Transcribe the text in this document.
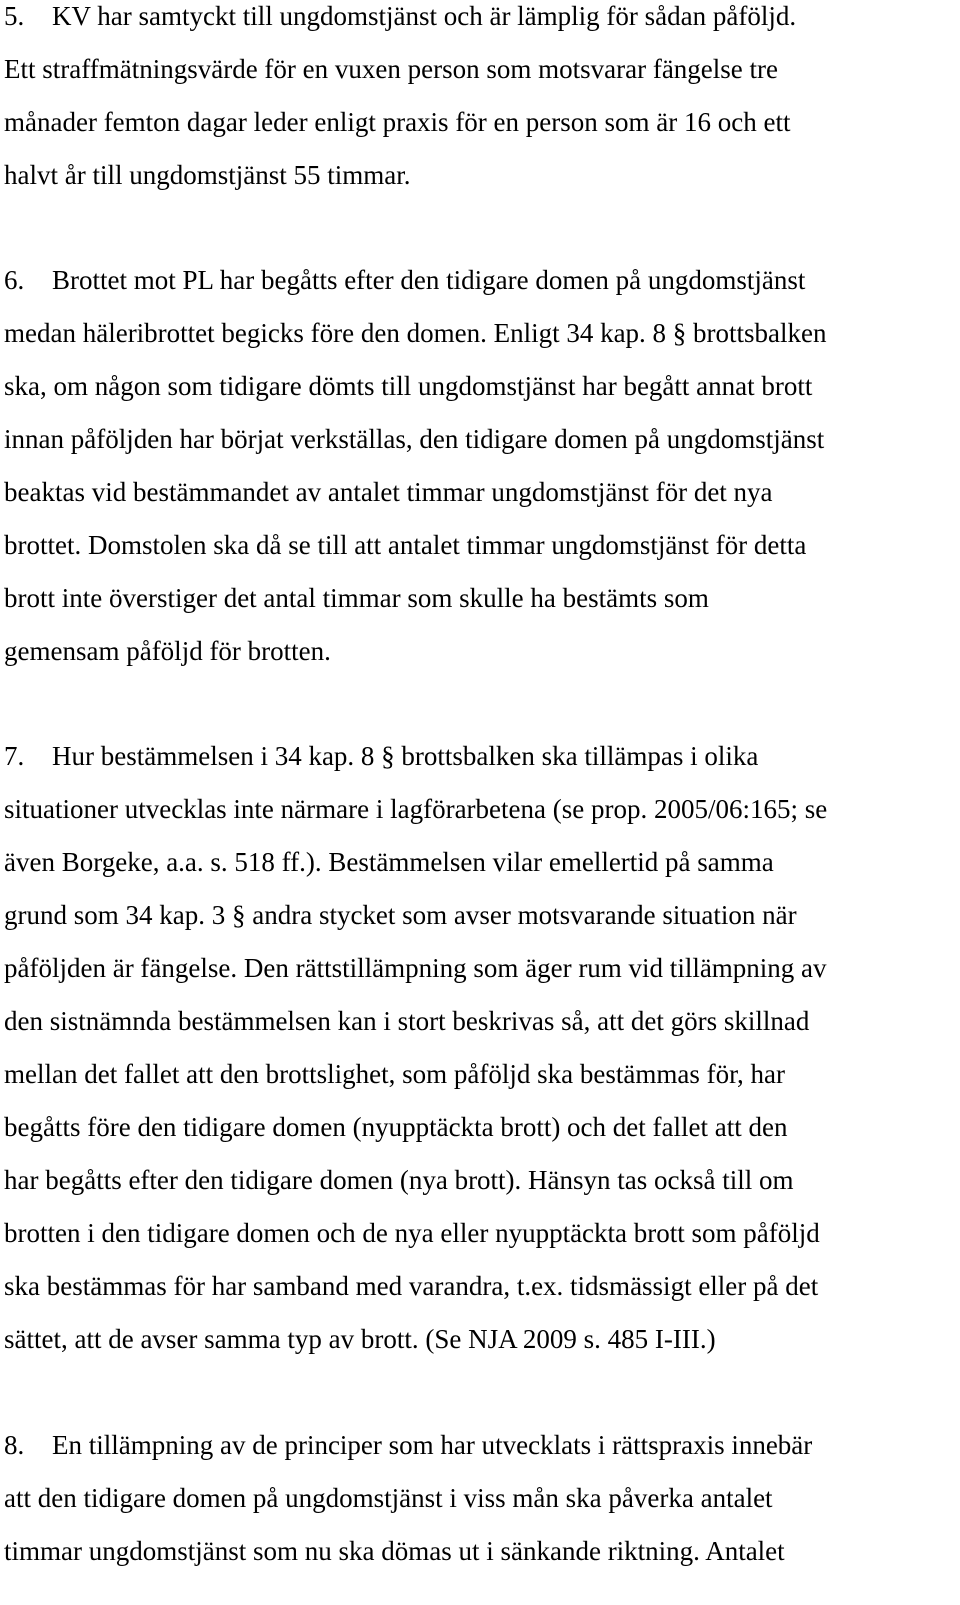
5. KV har samtyckt till ungdomstjänst och är lämplig för sådan påföljd.
Ett straffmätningsvärde för en vuxen person som motsvarar fängelse tre
månader femton dagar leder enligt praxis för en person som är 16 och ett
halvt år till ungdomstjänst 55 timmar.
6. Brottet mot PL har begåtts efter den tidigare domen på ungdomstjänst
medan häleribrottet begicks före den domen. Enligt 34 kap. 8 § brottsbalken
ska, om någon som tidigare dömts till ungdomstjänst har begått annat brott
innan påföljden har börjat verkställas, den tidigare domen på ungdomstjänst
beaktas vid bestämmandet av antalet timmar ungdomstjänst för det nya
brottet. Domstolen ska då se till att antalet timmar ungdomstjänst för detta
brott inte överstiger det antal timmar som skulle ha bestämts som
gemensam påföljd för brotten.
7. Hur bestämmelsen i 34 kap. 8 § brottsbalken ska tillämpas i olika
situationer utvecklas inte närmare i lagförarbetena (se prop. 2005/06:165; se
även Borgeke, a.a. s. 518 ff.). Bestämmelsen vilar emellertid på samma
grund som 34 kap. 3 § andra stycket som avser motsvarande situation när
påföljden är fängelse. Den rättstillämpning som äger rum vid tillämpning av
den sistnämnda bestämmelsen kan i stort beskrivas så, att det görs skillnad
mellan det fallet att den brottslighet, som påföljd ska bestämmas för, har
begåtts före den tidigare domen (nyupptäckta brott) och det fallet att den
har begåtts efter den tidigare domen (nya brott). Hänsyn tas också till om
brotten i den tidigare domen och de nya eller nyupptäckta brott som påföljd
ska bestämmas för har samband med varandra, t.ex. tidsmässigt eller på det
sättet, att de avser samma typ av brott. (Se NJA 2009 s. 485 I-III.)
8. En tillämpning av de principer som har utvecklats i rättspraxis innebär
att den tidigare domen på ungdomstjänst i viss mån ska påverka antalet
timmar ungdomstjänst som nu ska dömas ut i sänkande riktning. Antalet
